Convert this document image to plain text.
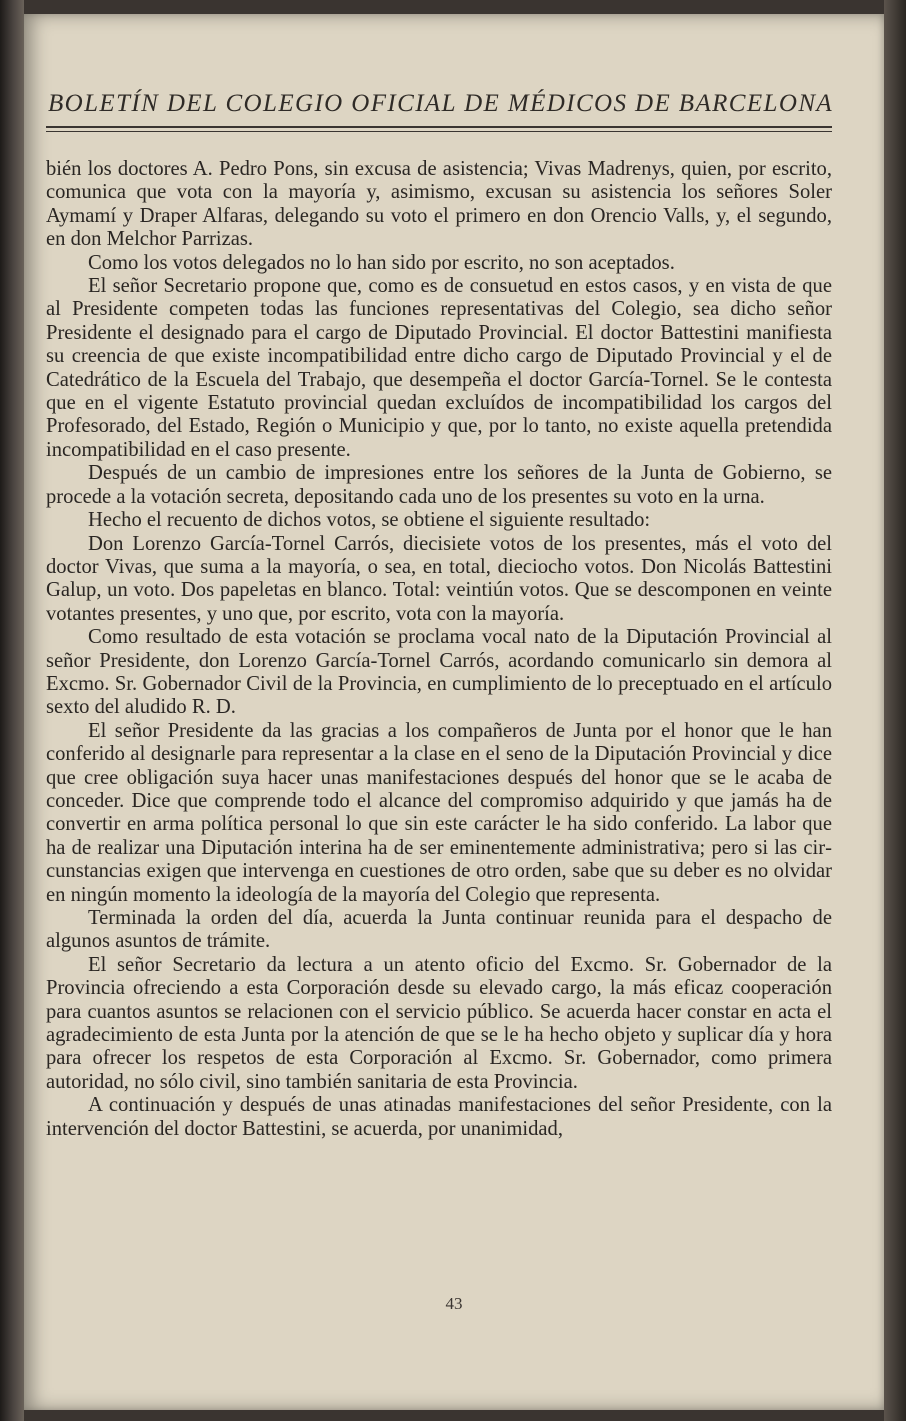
BOLETÍN DEL COLEGIO OFICIAL DE MÉDICOS DE BARCELONA

bién los doctores A. Pedro Pons, sin excusa de asistencia; Vivas Madrenys, quien, por escrito, comunica que vota con la mayoría y, asimismo, excusan su asistencia los señores Soler Aymamí y Draper Alfaras, delegando su voto el primero en don Orencio Valls, y, el segundo, en don Melchor Parrizas.

Como los votos delegados no lo han sido por escrito, no son aceptados.

El señor Secretario propone que, como es de consuetud en estos casos, y en vista de que al Presidente competen todas las funciones representativas del Colegio, sea dicho señor Presidente el designado para el cargo de Diputado Provincial. El doctor Battestini manifiesta su creencia de que existe incompatibilidad entre dicho cargo de Diputado Provincial y el de Catedrático de la Escuela del Trabajo, que desempeña el doctor García-Tornel. Se le contesta que en el vigente Estatuto provincial quedan excluídos de incompatibilidad los cargos del Profesorado, del Estado, Región o Municipio y que, por lo tanto, no existe aquella pretendida incompatibilidad en el caso presente.

Después de un cambio de impresiones entre los señores de la Junta de Gobierno, se procede a la votación secreta, depositando cada uno de los presentes su voto en la urna.

Hecho el recuento de dichos votos, se obtiene el siguiente resultado:

Don Lorenzo García-Tornel Carrós, diecisiete votos de los presentes, más el voto del doctor Vivas, que suma a la mayoría, o sea, en total, dieciocho votos. Don Nicolás Battestini Galup, un voto. Dos papeletas en blanco. Total: veintiún votos. Que se descomponen en veinte votantes presentes, y uno que, por escrito, vota con la mayoría.

Como resultado de esta votación se proclama vocal nato de la Diputación Provincial al señor Presidente, don Lorenzo García-Tornel Carrós, acordando comunicarlo sin demora al Excmo. Sr. Gobernador Civil de la Provincia, en cumplimiento de lo preceptuado en el artículo sexto del aludido R. D.

El señor Presidente da las gracias a los compañeros de Junta por el honor que le han conferido al designarle para representar a la clase en el seno de la Diputación Provincial y dice que cree obligación suya hacer unas manifestaciones después del honor que se le acaba de conceder. Dice que comprende todo el alcance del compromiso adquirido y que jamás ha de convertir en arma política personal lo que sin este carácter le ha sido conferido. La labor que ha de realizar una Diputación interina ha de ser eminentemente administrativa; pero si las circunstancias exigen que intervenga en cuestiones de otro orden, sabe que su deber es no olvidar en ningún momento la ideología de la mayoría del Colegio que representa.

Terminada la orden del día, acuerda la Junta continuar reunida para el despacho de algunos asuntos de trámite.

El señor Secretario da lectura a un atento oficio del Excmo. Sr. Gobernador de la Provincia ofreciendo a esta Corporación desde su elevado cargo, la más eficaz cooperación para cuantos asuntos se relacionen con el servicio público. Se acuerda hacer constar en acta el agradecimiento de esta Junta por la atención de que se le ha hecho objeto y suplicar día y hora para ofrecer los respetos de esta Corporación al Excmo. Sr. Gobernador, como primera autoridad, no sólo civil, sino también sanitaria de esta Provincia.

A continuación y después de unas atinadas manifestaciones del señor Presidente, con la intervención del doctor Battestini, se acuerda, por unanimidad,

43
